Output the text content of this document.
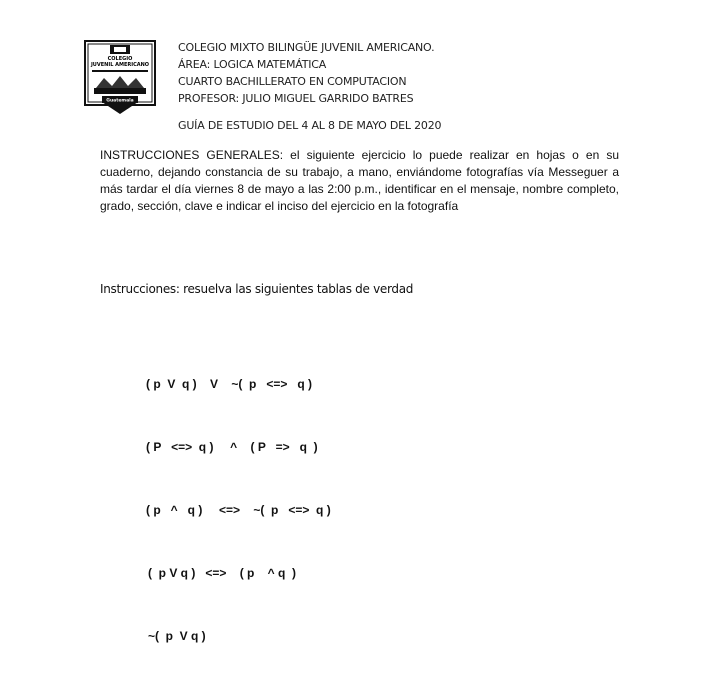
COLEGIO
JUVENIL AMERICANO
Guatemala
COLEGIO MIXTO BILINGÜE JUVENIL AMERICANO.
ÁREA: LOGICA MATEMÁTICA
CUARTO BACHILLERATO EN COMPUTACION
PROFESOR: JULIO MIGUEL GARRIDO BATRES
GUÍA DE ESTUDIO DEL 4 AL 8 DE MAYO DEL 2020
INSTRUCCIONES GENERALES: el siguiente ejercicio lo puede realizar en hojas o en su cuaderno, dejando constancia de su trabajo, a mano, enviándome fotografías vía Messeguer a más tardar el día viernes 8 de mayo a las 2:00 p.m., identificar en el mensaje, nombre completo, grado, sección, clave e indicar el inciso del ejercicio en la fotografía
Instrucciones: resuelva las siguientes tablas de verdad
( p  V  q )    V    ~(  p   <=>   q )
( P   <=>  q )     ^    ( P   =>   q  )
( p   ^   q )     <=>    ~(  p   <=>  q )
(  p V q )   <=>    ( p    ^ q  )
~(  p  V q )
